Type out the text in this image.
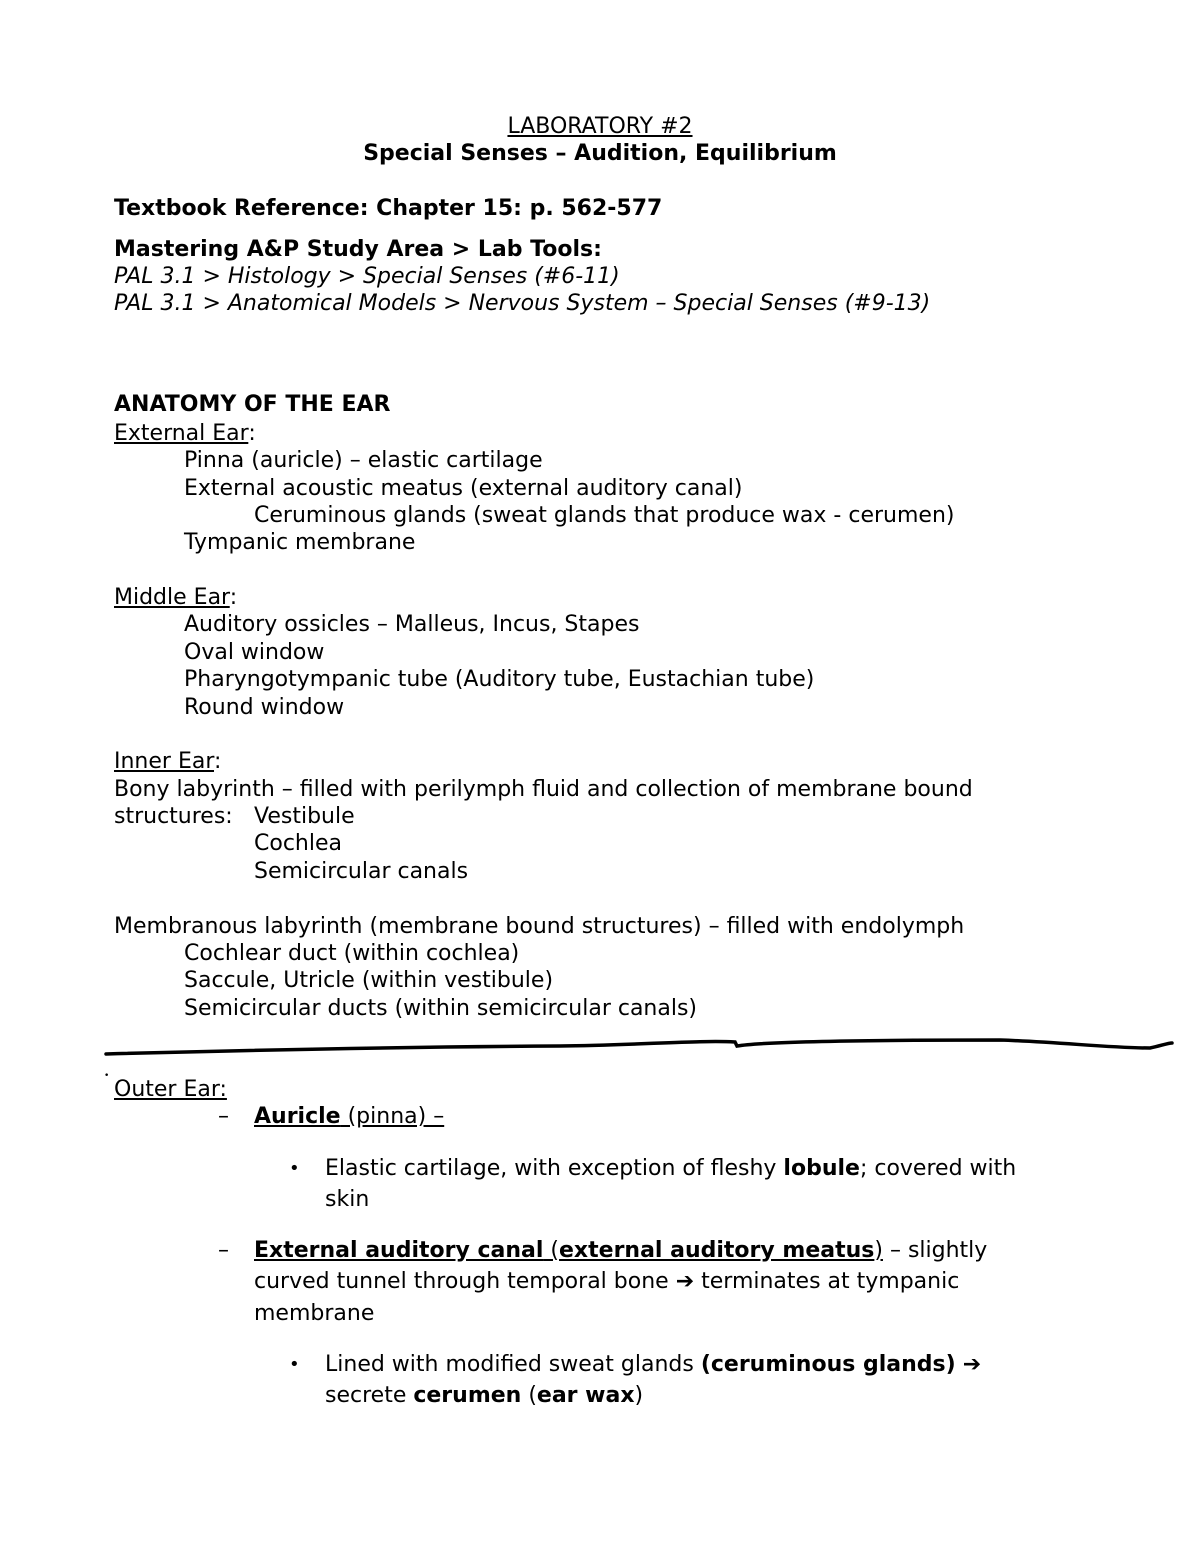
LABORATORY #2
Special Senses – Audition, Equilibrium
Textbook Reference: Chapter 15: p. 562-577
Mastering A&P Study Area > Lab Tools:
PAL 3.1 > Histology > Special Senses (#6-11)
PAL 3.1 > Anatomical Models > Nervous System – Special Senses (#9-13)
ANATOMY OF THE EAR
External Ear:
Pinna (auricle) – elastic cartilage
External acoustic meatus (external auditory canal)
Ceruminous glands (sweat glands that produce wax - cerumen)
Tympanic membrane
Middle Ear:
Auditory ossicles – Malleus, Incus, Stapes
Oval window
Pharyngotympanic tube (Auditory tube, Eustachian tube)
Round window
Inner Ear:
Bony labyrinth – filled with perilymph fluid and collection of membrane bound
structures: Vestibule
Cochlea
Semicircular canals
Membranous labyrinth (membrane bound structures) – filled with endolymph
Cochlear duct (within cochlea)
Saccule, Utricle (within vestibule)
Semicircular ducts (within semicircular canals)
•
Outer Ear:
– Auricle (pinna) –
• Elastic cartilage, with exception of fleshy lobule; covered with
skin
– External auditory canal (external auditory meatus) – slightly
curved tunnel through temporal bone ➔ terminates at tympanic
membrane
• Lined with modified sweat glands (ceruminous glands) ➔
secrete cerumen (ear wax)
